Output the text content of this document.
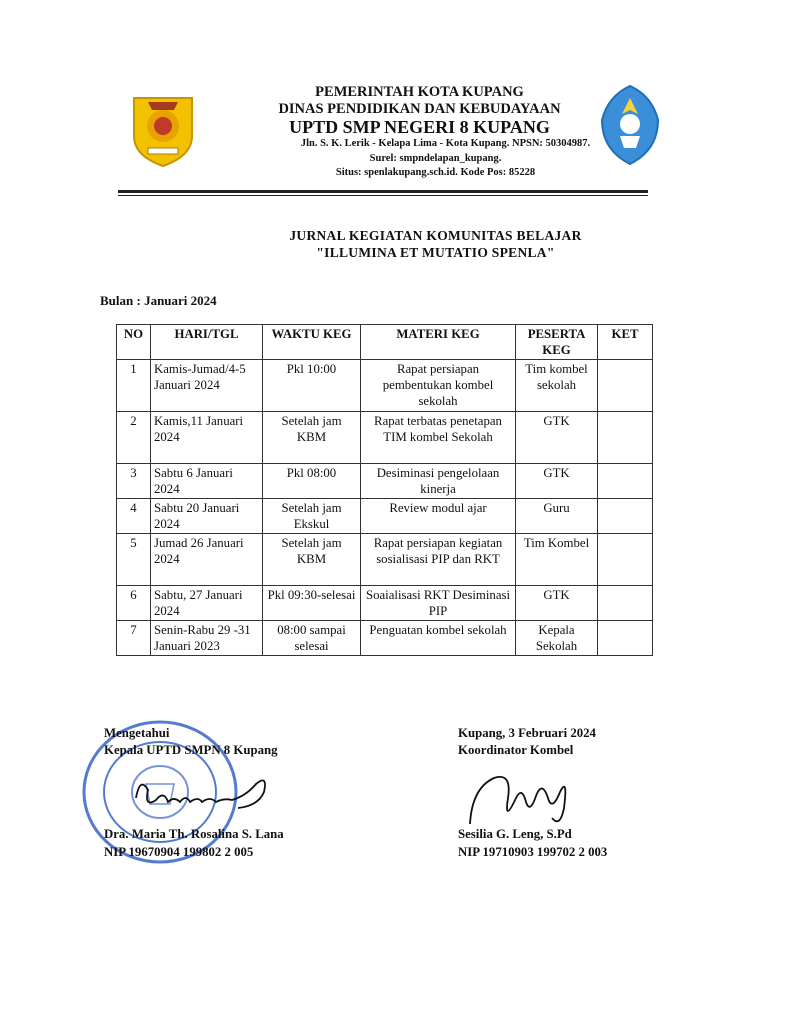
PEMERINTAH KOTA KUPANG
DINAS PENDIDIKAN DAN KEBUDAYAAN
UPTD SMP NEGERI 8 KUPANG
Jln. S. K. Lerik - Kelapa Lima - Kota Kupang. NPSN: 50304987.
Surel: smpndelapan_kupang.
Situs: spenlakupang.sch.id. Kode Pos: 85228
JURNAL KEGIATAN KOMUNITAS BELAJAR
"ILLUMINA ET MUTATIO SPENLA"
Bulan : Januari 2024
NO	HARI/TGL	WAKTU KEG	MATERI KEG	PESERTA KEG	KET
1	Kamis-Jumad/4-5 Januari 2024	Pkl 10:00	Rapat persiapan pembentukan kombel sekolah	Tim kombel sekolah	
2	Kamis,11 Januari 2024	Setelah jam KBM	Rapat terbatas penetapan TIM kombel Sekolah	GTK	
3	Sabtu 6 Januari 2024	Pkl 08:00	Desiminasi pengelolaan kinerja	GTK	
4	Sabtu 20 Januari 2024	Setelah jam Ekskul	Review modul ajar	Guru	
5	Jumad 26 Januari 2024	Setelah jam KBM	Rapat persiapan kegiatan sosialisasi PIP dan RKT	Tim Kombel	
6	Sabtu, 27 Januari 2024	Pkl 09:30-selesai	Soaialisasi RKT Desiminasi PIP	GTK	
7	Senin-Rabu 29 -31 Januari 2023	08:00 sampai selesai	Penguatan kombel sekolah	Kepala Sekolah	
Mengetahui
Kepala UPTD SMPN 8 Kupang
Dra. Maria Th. Rosalina S. Lana
NIP 19670904 199802 2 005
Kupang, 3 Februari 2024
Koordinator Kombel
Sesilia G. Leng, S.Pd
NIP 19710903 199702 2 003
